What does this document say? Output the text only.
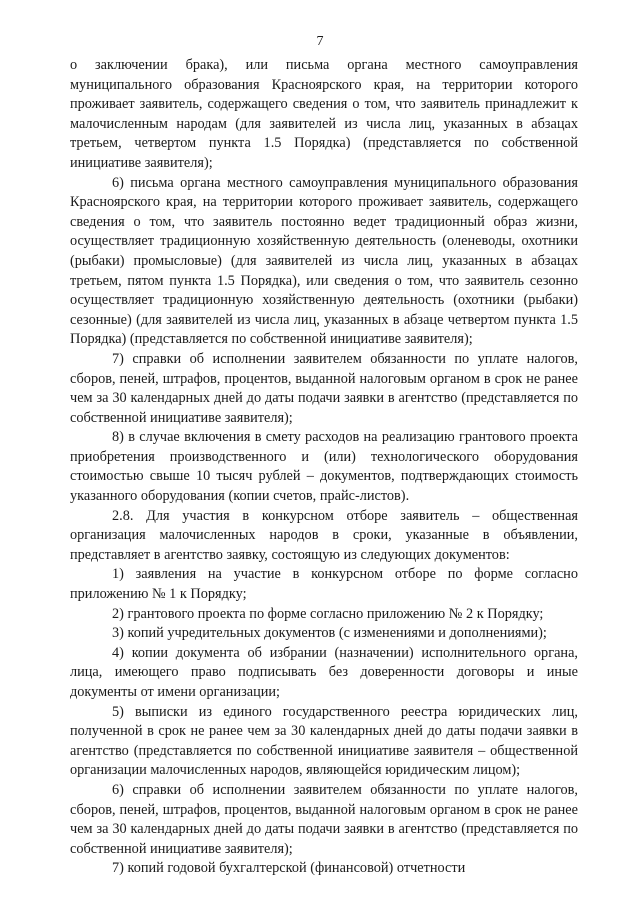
7

о заключении брака), или письма органа местного самоуправления муниципального образования Красноярского края, на территории которого проживает заявитель, содержащего сведения о том, что заявитель принадлежит к малочисленным народам (для заявителей из числа лиц, указанных в абзацах третьем, четвертом пункта 1.5 Порядка) (представляется по собственной инициативе заявителя);

6) письма органа местного самоуправления муниципального образования Красноярского края, на территории которого проживает заявитель, содержащего сведения о том, что заявитель постоянно ведет традиционный образ жизни, осуществляет традиционную хозяйственную деятельность (оленеводы, охотники (рыбаки) промысловые) (для заявителей из числа лиц, указанных в абзацах третьем, пятом пункта 1.5 Порядка), или сведения о том, что заявитель сезонно осуществляет традиционную хозяйственную деятельность (охотники (рыбаки) сезонные) (для заявителей из числа лиц, указанных в абзаце четвертом пункта 1.5 Порядка) (представляется по собственной инициативе заявителя);

7) справки об исполнении заявителем обязанности по уплате налогов, сборов, пеней, штрафов, процентов, выданной налоговым органом в срок не ранее чем за 30 календарных дней до даты подачи заявки в агентство (представляется по собственной инициативе заявителя);

8) в случае включения в смету расходов на реализацию грантового проекта приобретения производственного и (или) технологического оборудования стоимостью свыше 10 тысяч рублей – документов, подтверждающих стоимость указанного оборудования (копии счетов, прайс-листов).

2.8. Для участия в конкурсном отборе заявитель – общественная организация малочисленных народов в сроки, указанные в объявлении, представляет в агентство заявку, состоящую из следующих документов:

1) заявления на участие в конкурсном отборе по форме согласно приложению № 1 к Порядку;

2) грантового проекта по форме согласно приложению № 2 к Порядку;

3) копий учредительных документов (с изменениями и дополнениями);

4) копии документа об избрании (назначении) исполнительного органа, лица, имеющего право подписывать без доверенности договоры и иные документы от имени организации;

5) выписки из единого государственного реестра юридических лиц, полученной в срок не ранее чем за 30 календарных дней до даты подачи заявки в агентство (представляется по собственной инициативе заявителя – общественной организации малочисленных народов, являющейся юридическим лицом);

6) справки об исполнении заявителем обязанности по уплате налогов, сборов, пеней, штрафов, процентов, выданной налоговым органом в срок не ранее чем за 30 календарных дней до даты подачи заявки в агентство (представляется по собственной инициативе заявителя);

7) копий годовой бухгалтерской (финансовой) отчетности
